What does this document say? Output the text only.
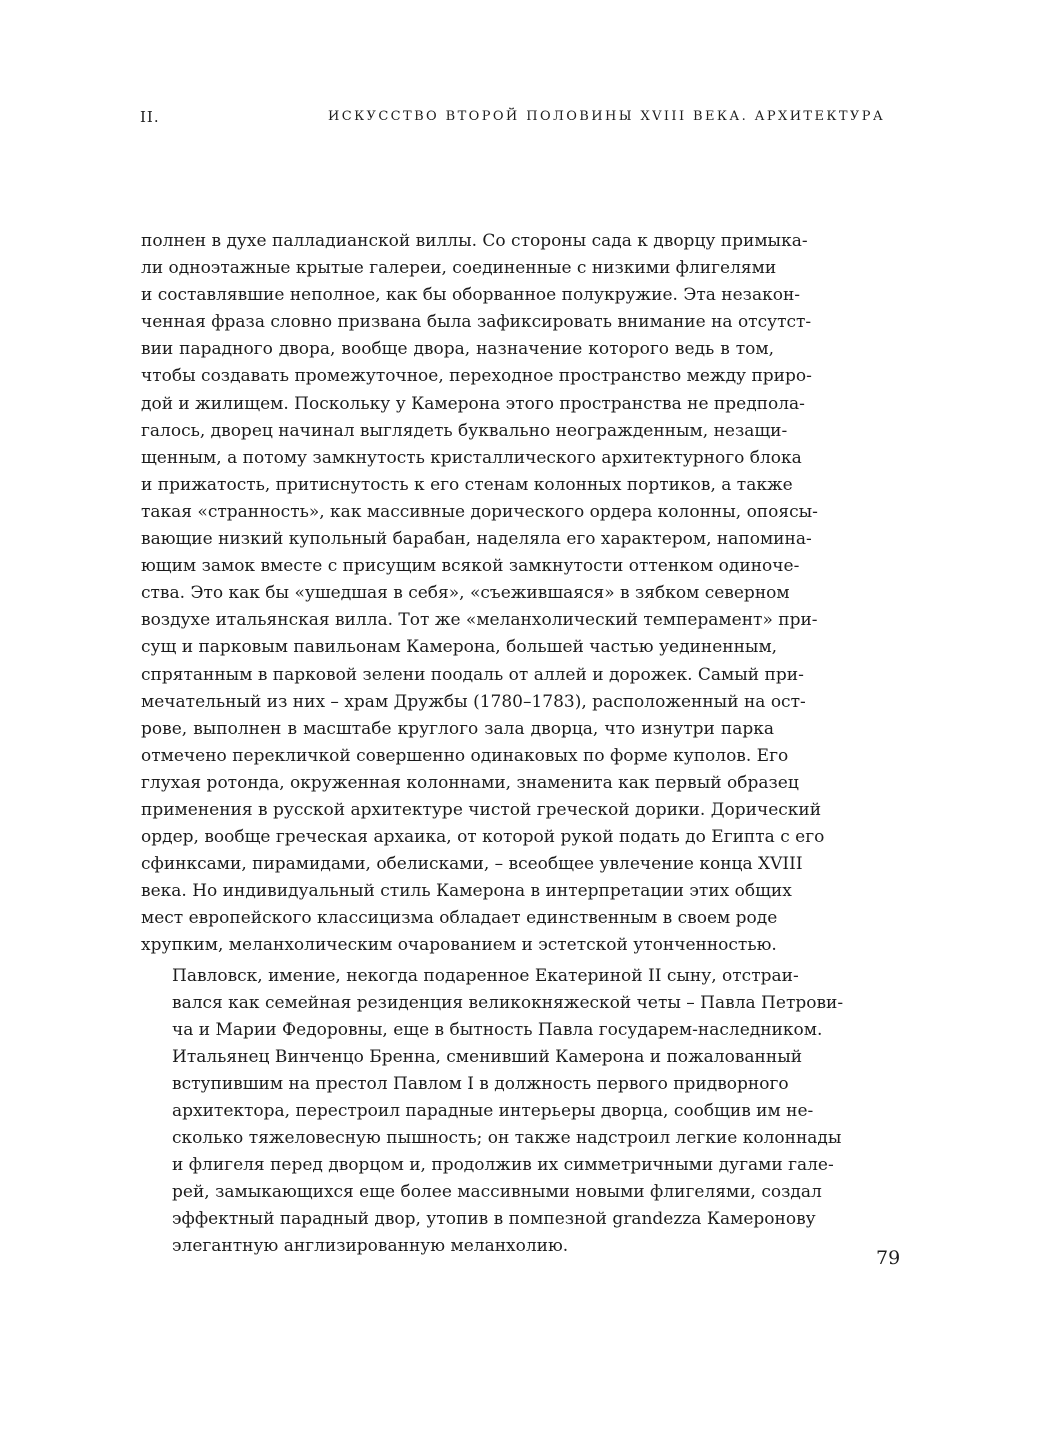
II.	ИСКУССТВО ВТОРОЙ ПОЛОВИНЫ XVIII ВЕКА. АРХИТЕКТУРА

полнен в духе палладианской виллы. Со стороны сада к дворцу примыка-
ли одноэтажные крытые галереи, соединенные с низкими флигелями
и составлявшие неполное, как бы оборванное полукружие. Эта незакон-
ченная фраза словно призвана была зафиксировать внимание на отсутст-
вии парадного двора, вообще двора, назначение которого ведь в том,
чтобы создавать промежуточное, переходное пространство между приро-
дой и жилищем. Поскольку у Камерона этого пространства не предпола-
галось, дворец начинал выглядеть буквально неогражденным, незащи-
щенным, а потому замкнутость кристаллического архитектурного блока
и прижатость, притиснутость к его стенам колонных портиков, а также
такая «странность», как массивные дорического ордера колонны, опоясы-
вающие низкий купольный барабан, наделяла его характером, напомина-
ющим замок вместе с присущим всякой замкнутости оттенком одиноче-
ства. Это как бы «ушедшая в себя», «съежившаяся» в зябком северном
воздухе итальянская вилла. Тот же «меланхолический темперамент» при-
сущ и парковым павильонам Камерона, большей частью уединенным,
спрятанным в парковой зелени поодаль от аллей и дорожек. Самый при-
мечательный из них – храм Дружбы (1780–1783), расположенный на ост-
рове, выполнен в масштабе круглого зала дворца, что изнутри парка
отмечено перекличкой совершенно одинаковых по форме куполов. Его
глухая ротонда, окруженная колоннами, знаменита как первый образец
применения в русской архитектуре чистой греческой дорики. Дорический
ордер, вообще греческая архаика, от которой рукой подать до Египта с его
сфинксами, пирамидами, обелисками, – всеобщее увлечение конца XVIII
века. Но индивидуальный стиль Камерона в интерпретации этих общих
мест европейского классицизма обладает единственным в своем роде
хрупким, меланхолическим очарованием и эстетской утонченностью.

Павловск, имение, некогда подаренное Екатериной II сыну, отстраи-
вался как семейная резиденция великокняжеской четы – Павла Петрови-
ча и Марии Федоровны, еще в бытность Павла государем-наследником.
Итальянец Винченцо Бренна, сменивший Камерона и пожалованный
вступившим на престол Павлом I в должность первого придворного
архитектора, перестроил парадные интерьеры дворца, сообщив им не-
сколько тяжеловесную пышность; он также надстроил легкие колоннады
и флигеля перед дворцом и, продолжив их симметричными дугами гале-
рей, замыкающихся еще более массивными новыми флигелями, создал
эффектный парадный двор, утопив в помпезной grandezza Камеронову
элегантную англизированную меланхолию.

79
